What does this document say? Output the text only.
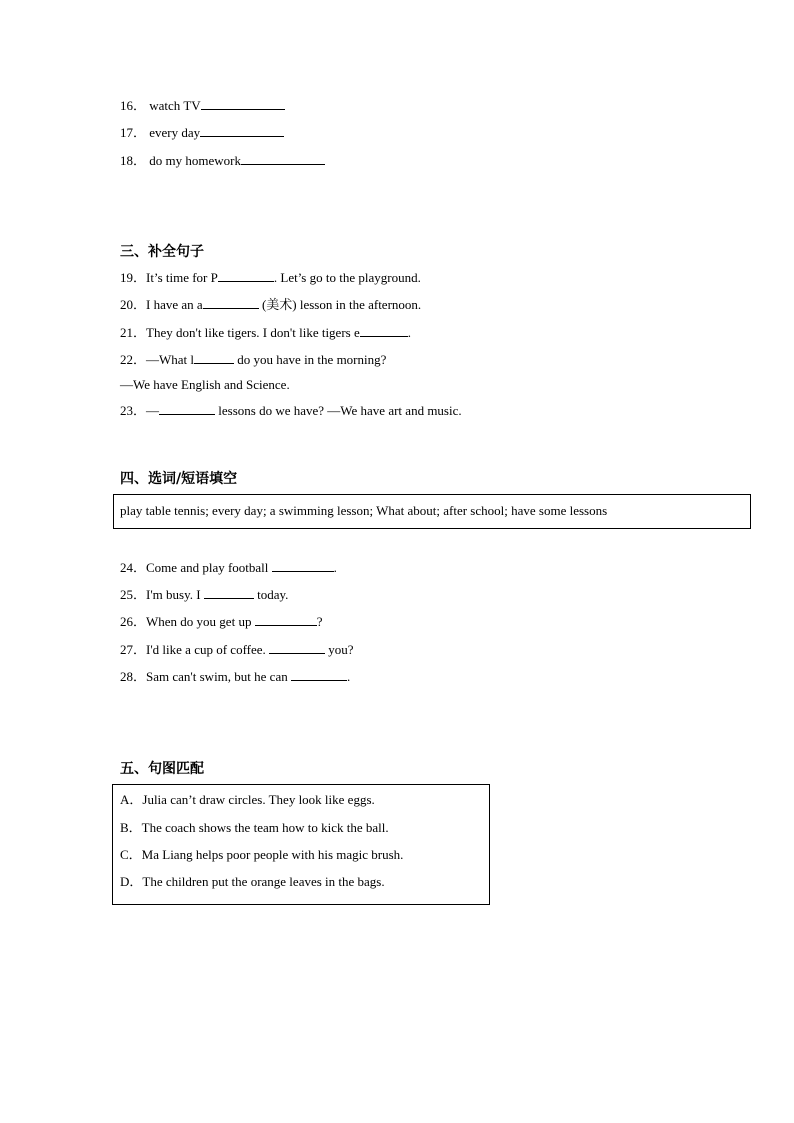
16． watch TV
17． every day
18． do my homework
三、补全句子
19．It’s time for P	. Let’s go to the playground.
20．I have an a	(美术) lesson in the afternoon.
21．They don't like tigers. I don't like tigers e	.
22．—What l	do you have in the morning?
—We have English and Science.
23．—	lessons do we have? —We have art and music.
四、选词/短语填空
play table tennis; every day; a swimming lesson; What about; after school; have some lessons
24．Come and play football	.
25．I'm busy. I	today.
26．When do you get up	?
27．I'd like a cup of coffee.	you?
28．Sam can't swim, but he can	.
五、句图匹配
A．Julia can’t draw circles. They look like eggs.
B．The coach shows the team how to kick the ball.
C．Ma Liang helps poor people with his magic brush.
D．The children put the orange leaves in the bags.
